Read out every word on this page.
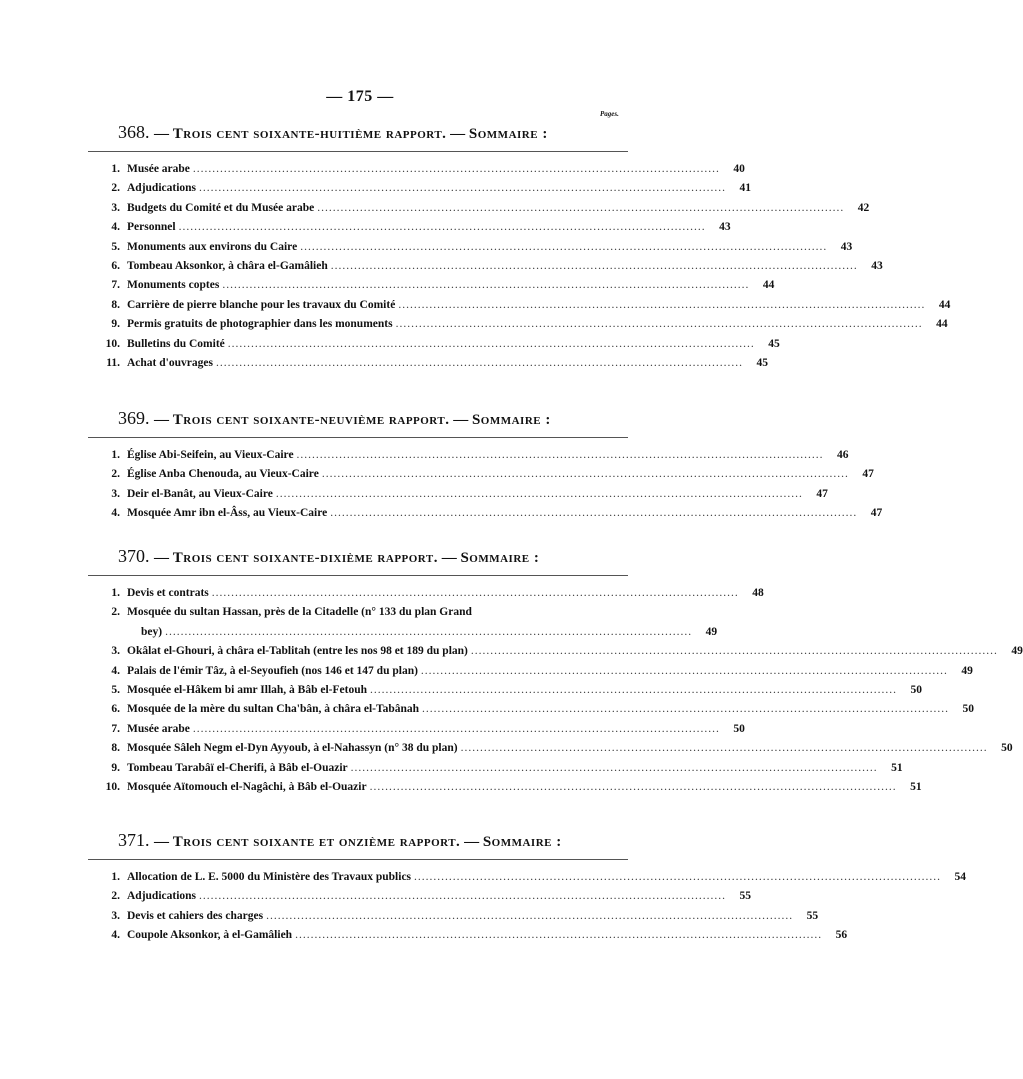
— 175 —
Pages.
368. — Trois cent soixante-huitième rapport. — Sommaire :
1. Musée arabe .....	40
2. Adjudications .....	41
3. Budgets du Comité et du Musée arabe .....	42
4. Personnel .....	43
5. Monuments aux environs du Caire .....	43
6. Tombeau Aksonkor, à châra el-Gamâlieh .....	43
7. Monuments coptes .....	44
8. Carrière de pierre blanche pour les travaux du Comité .....	44
9. Permis gratuits de photographier dans les monuments .....	44
10. Bulletins du Comité .....	45
11. Achat d'ouvrages .....	45
369. — Trois cent soixante-neuvième rapport. — Sommaire :
1. Église Abi-Seifein, au Vieux-Caire .....	46
2. Église Anba Chenouda, au Vieux-Caire .....	47
3. Deir el-Banât, au Vieux-Caire .....	47
4. Mosquée Amr ibn el-Âss, au Vieux-Caire .....	47
370. — Trois cent soixante-dixième rapport. — Sommaire :
1. Devis et contrats .....	48
2. Mosquée du sultan Hassan, près de la Citadelle (n° 133 du plan Grand
bey) .....	49
3. Okâlat el-Ghouri, à châra el-Tablitah (entre les nos 98 et 189 du plan) .....	49
4. Palais de l'émir Tâz, à el-Seyoufieh (nos 146 et 147 du plan) .....	49
5. Mosquée el-Hâkem bi amr Illah, à Bâb el-Fetouh .....	50
6. Mosquée de la mère du sultan Cha'bân, à châra el-Tabânah .....	50
7. Musée arabe .....	50
8. Mosquée Sâleh Negm el-Dyn Ayyoub, à el-Nahassyn (n° 38 du plan) .....	50
9. Tombeau Tarabâï el-Cherifi, à Bâb el-Ouazir .....	51
10. Mosquée Aïtomouch el-Nagâchi, à Bâb el-Ouazir .....	51
371. — Trois cent soixante et onzième rapport. — Sommaire :
1. Allocation de L. E. 5000 du Ministère des Travaux publics .....	54
2. Adjudications .....	55
3. Devis et cahiers des charges .....	55
4. Coupole Aksonkor, à el-Gamâlieh .....	56
